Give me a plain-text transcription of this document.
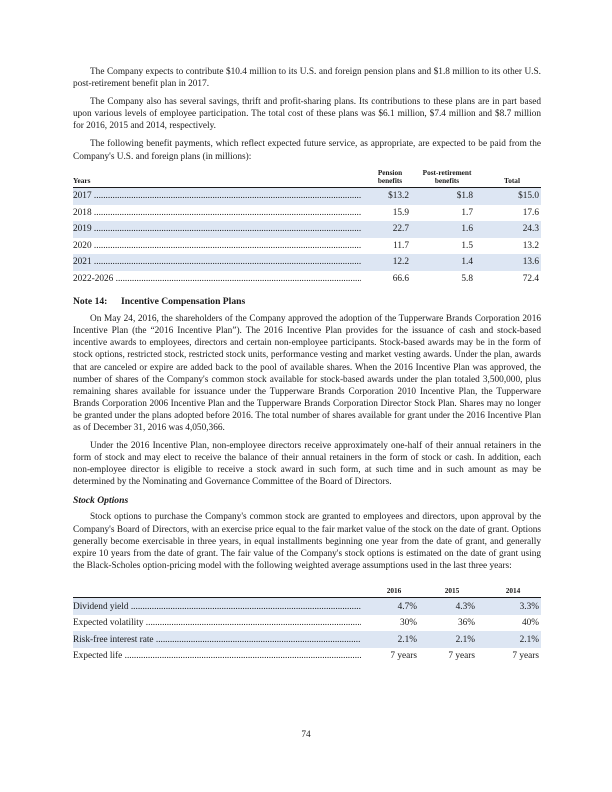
The Company expects to contribute $10.4 million to its U.S. and foreign pension plans and $1.8 million to its other U.S. post-retirement benefit plan in 2017.

The Company also has several savings, thrift and profit-sharing plans. Its contributions to these plans are in part based upon various levels of employee participation. The total cost of these plans was $6.1 million, $7.4 million and $8.7 million for 2016, 2015 and 2014, respectively.

The following benefit payments, which reflect expected future service, as appropriate, are expected to be paid from the Company's U.S. and foreign plans (in millions):

Years		Pension benefits		Post-retirement benefits		Total
2017 .....		$13.2		$1.8		$15.0
2018 .....		15.9		1.7		17.6
2019 .....		22.7		1.6		24.3
2020 .....		11.7		1.5		13.2
2021 .....		12.2		1.4		13.6
2022-2026 .....		66.6		5.8		72.4
Note 14: Incentive Compensation Plans

On May 24, 2016, the shareholders of the Company approved the adoption of the Tupperware Brands Corporation 2016 Incentive Plan (the “2016 Incentive Plan”). The 2016 Incentive Plan provides for the issuance of cash and stock-based incentive awards to employees, directors and certain non-employee participants. Stock-based awards may be in the form of stock options, restricted stock, restricted stock units, performance vesting and market vesting awards. Under the plan, awards that are canceled or expire are added back to the pool of available shares. When the 2016 Incentive Plan was approved, the number of shares of the Company's common stock available for stock-based awards under the plan totaled 3,500,000, plus remaining shares available for issuance under the Tupperware Brands Corporation 2010 Incentive Plan, the Tupperware Brands Corporation 2006 Incentive Plan and the Tupperware Brands Corporation Director Stock Plan. Shares may no longer be granted under the plans adopted before 2016. The total number of shares available for grant under the 2016 Incentive Plan as of December 31, 2016 was 4,050,366.

Under the 2016 Incentive Plan, non-employee directors receive approximately one-half of their annual retainers in the form of stock and may elect to receive the balance of their annual retainers in the form of stock or cash. In addition, each non-employee director is eligible to receive a stock award in such form, at such time and in such amount as may be determined by the Nominating and Governance Committee of the Board of Directors.

Stock Options

Stock options to purchase the Company's common stock are granted to employees and directors, upon approval by the Company's Board of Directors, with an exercise price equal to the fair market value of the stock on the date of grant. Options generally become exercisable in three years, in equal installments beginning one year from the date of grant, and generally expire 10 years from the date of grant. The fair value of the Company's stock options is estimated on the date of grant using the Black-Scholes option-pricing model with the following weighted average assumptions used in the last three years:

		2016		2015		2014
Dividend yield .....		4.7%		4.3%		3.3%
Expected volatility .....		30%		36%		40%
Risk-free interest rate .....		2.1%		2.1%		2.1%
Expected life .....		7 years		7 years		7 years
74
